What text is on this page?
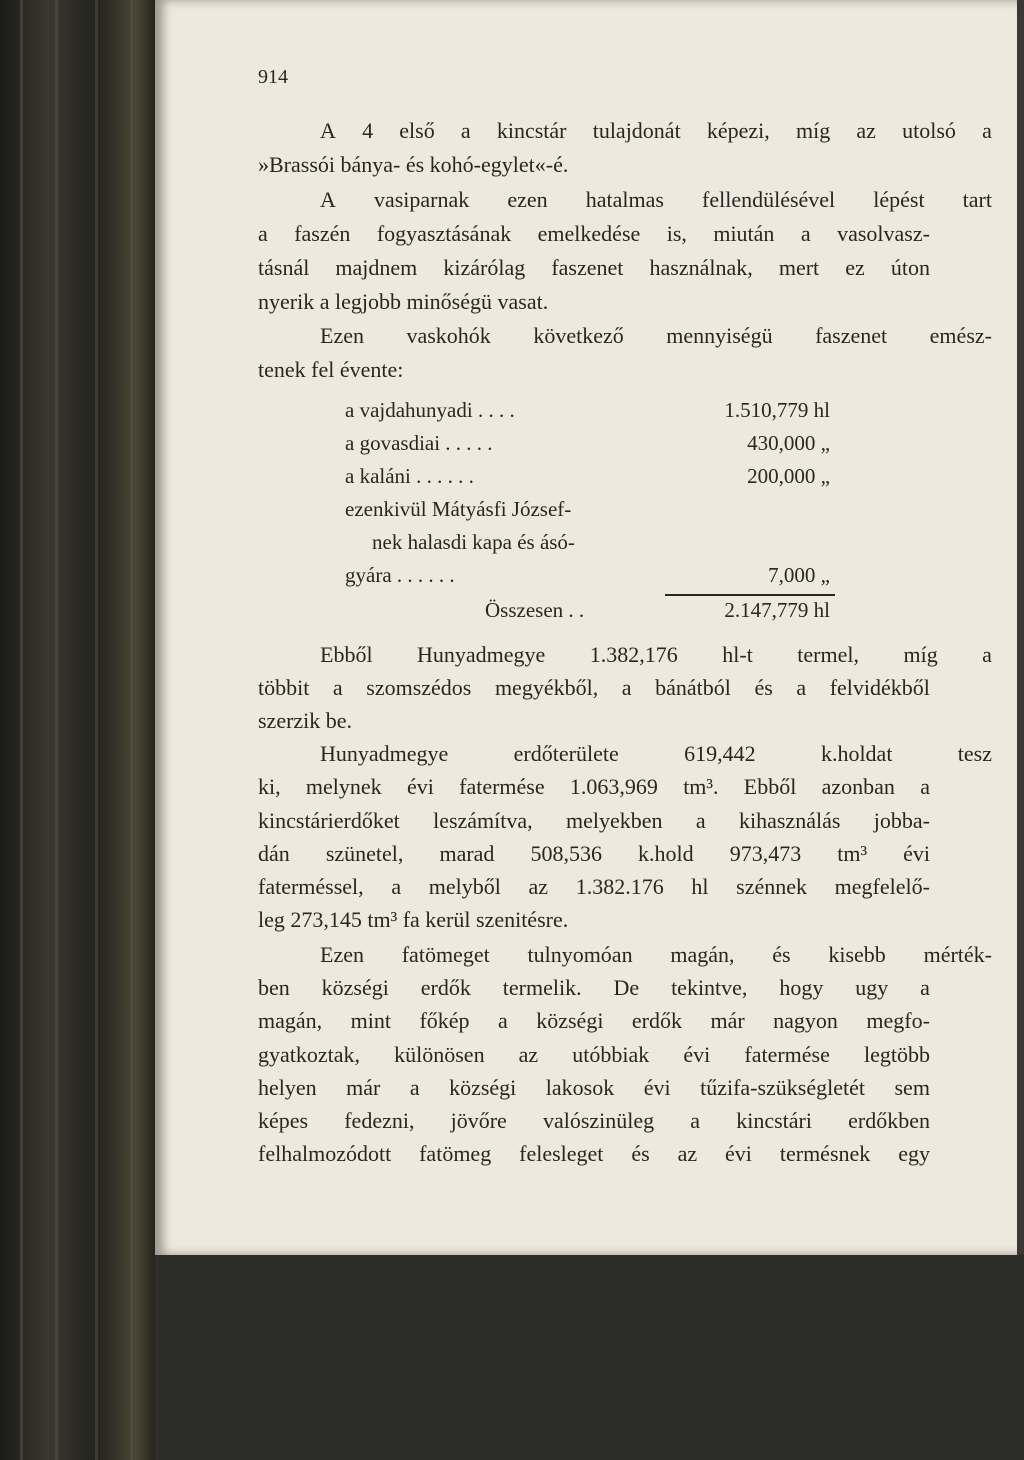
914
A 4 első a kincstár tulajdonát képezi, míg az utolsó a
»Brassói bánya- és kohó-egylet«-é.
A vasiparnak ezen hatalmas fellendülésével lépést tart
a faszén fogyasztásának emelkedése is, miután a vasolvasz-
tásnál majdnem kizárólag faszenet használnak, mert ez úton
nyerik a legjobb minőségü vasat.
Ezen vaskohók következő mennyiségü faszenet emész-
tenek fel évente:
a vajdahunyadi . . . .	1.510,779 hl
a govasdiai . . . . .	430,000 „
a kaláni . . . . . .	200,000 „
ezenkivül Mátyásfi József-
nek halasdi kapa és ásó-
gyára . . . . . .	7,000 „
Összesen . .	2.147,779 hl
Ebből Hunyadmegye 1.382,176 hl-t termel, míg a
többit a szomszédos megyékből, a bánátból és a felvidékből
szerzik be.
Hunyadmegye	erdőterülete	619,442	k.holdat	tesz
ki, melynek évi fatermése 1.063,969 tm³. Ebből azonban a
kincstárierdőket leszámítva, melyekben a kihasználás jobba-
dán szünetel, marad 508,536 k.hold 973,473 tm³ évi
faterméssel, a melyből az 1.382.176 hl szénnek megfelelő-
leg 273,145 tm³ fa kerül szenitésre.
Ezen fatömeget tulnyomóan magán, és kisebb mérték-
ben községi erdők termelik. De tekintve, hogy ugy a
magán, mint főkép a községi erdők már nagyon megfo-
gyatkoztak, különösen az utóbbiak évi fatermése legtöbb
helyen már a községi lakosok évi tűzifa-szükségletét sem
képes fedezni, jövőre valószinüleg a kincstári erdőkben
felhalmozódott fatömeg felesleget és az évi termésnek egy
